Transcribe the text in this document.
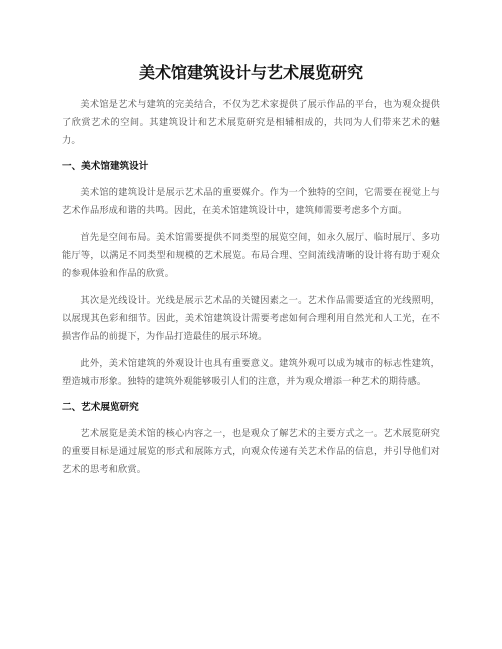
美术馆建筑设计与艺术展览研究

美术馆是艺术与建筑的完美结合，不仅为艺术家提供了展示作品的平台，也为观众提供了欣赏艺术的空间。其建筑设计和艺术展览研究是相辅相成的，共同为人们带来艺术的魅力。

一、美术馆建筑设计

美术馆的建筑设计是展示艺术品的重要媒介。作为一个独特的空间，它需要在视觉上与艺术作品形成和谐的共鸣。因此，在美术馆建筑设计中，建筑师需要考虑多个方面。

首先是空间布局。美术馆需要提供不同类型的展览空间，如永久展厅、临时展厅、多功能厅等，以满足不同类型和规模的艺术展览。布局合理、空间流线清晰的设计将有助于观众的参观体验和作品的欣赏。

其次是光线设计。光线是展示艺术品的关键因素之一。艺术作品需要适宜的光线照明，以展现其色彩和细节。因此，美术馆建筑设计需要考虑如何合理利用自然光和人工光，在不损害作品的前提下，为作品打造最佳的展示环境。

此外，美术馆建筑的外观设计也具有重要意义。建筑外观可以成为城市的标志性建筑，塑造城市形象。独特的建筑外观能够吸引人们的注意，并为观众增添一种艺术的期待感。

二、艺术展览研究

艺术展览是美术馆的核心内容之一，也是观众了解艺术的主要方式之一。艺术展览研究的重要目标是通过展览的形式和展陈方式，向观众传递有关艺术作品的信息，并引导他们对艺术的思考和欣赏。
